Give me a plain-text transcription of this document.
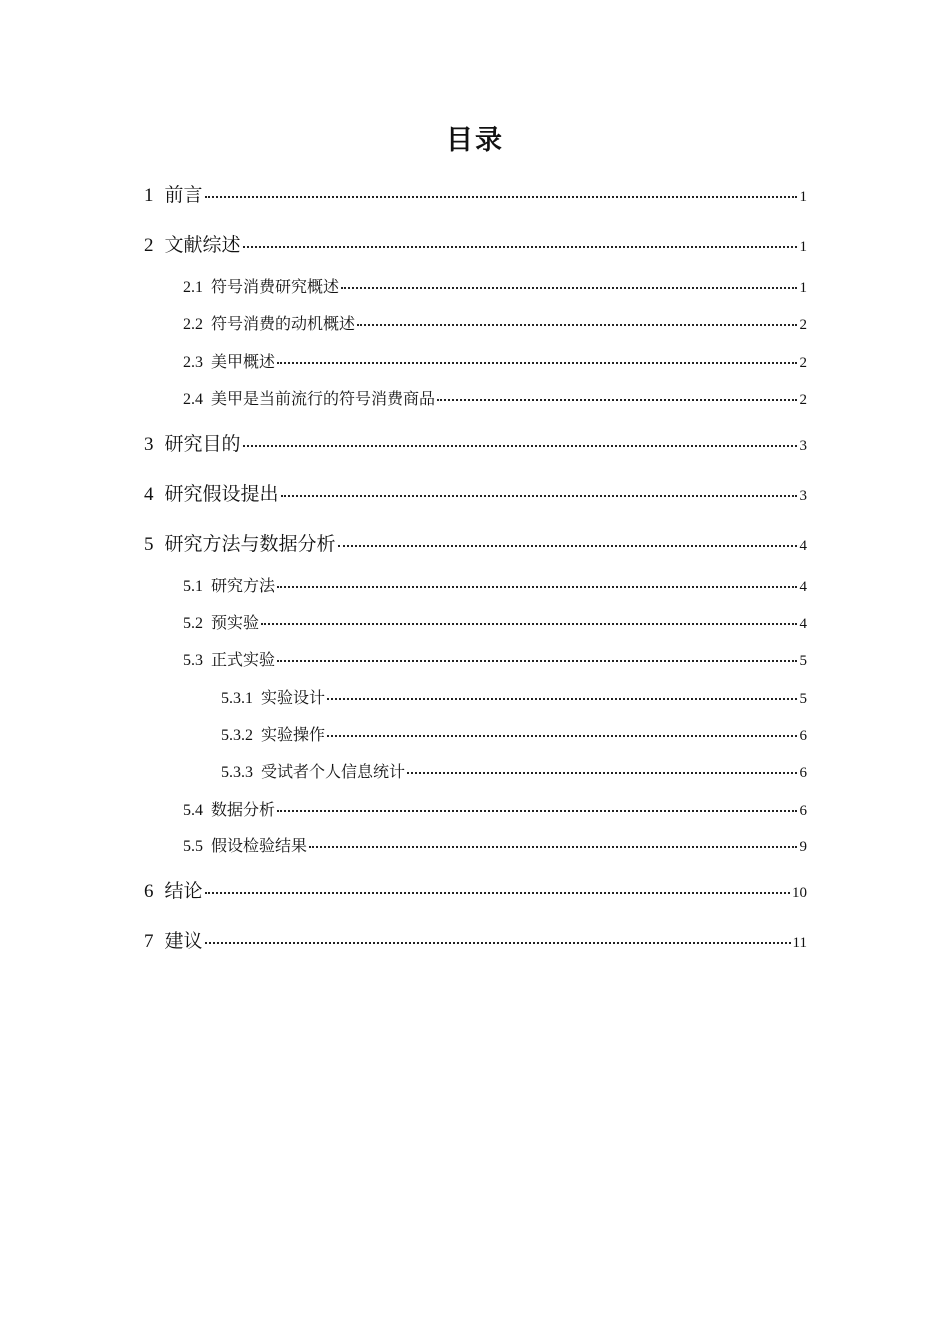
目录
1 前言	1
2 文献综述	1
2.1 符号消费研究概述	1
2.2 符号消费的动机概述	2
2.3 美甲概述	2
2.4 美甲是当前流行的符号消费商品	2
3 研究目的	3
4 研究假设提出	3
5 研究方法与数据分析	4
5.1 研究方法	4
5.2 预实验	4
5.3 正式实验	5
5.3.1 实验设计	5
5.3.2 实验操作	6
5.3.3 受试者个人信息统计	6
5.4 数据分析	6
5.5 假设检验结果	9
6 结论	10
7 建议	11
